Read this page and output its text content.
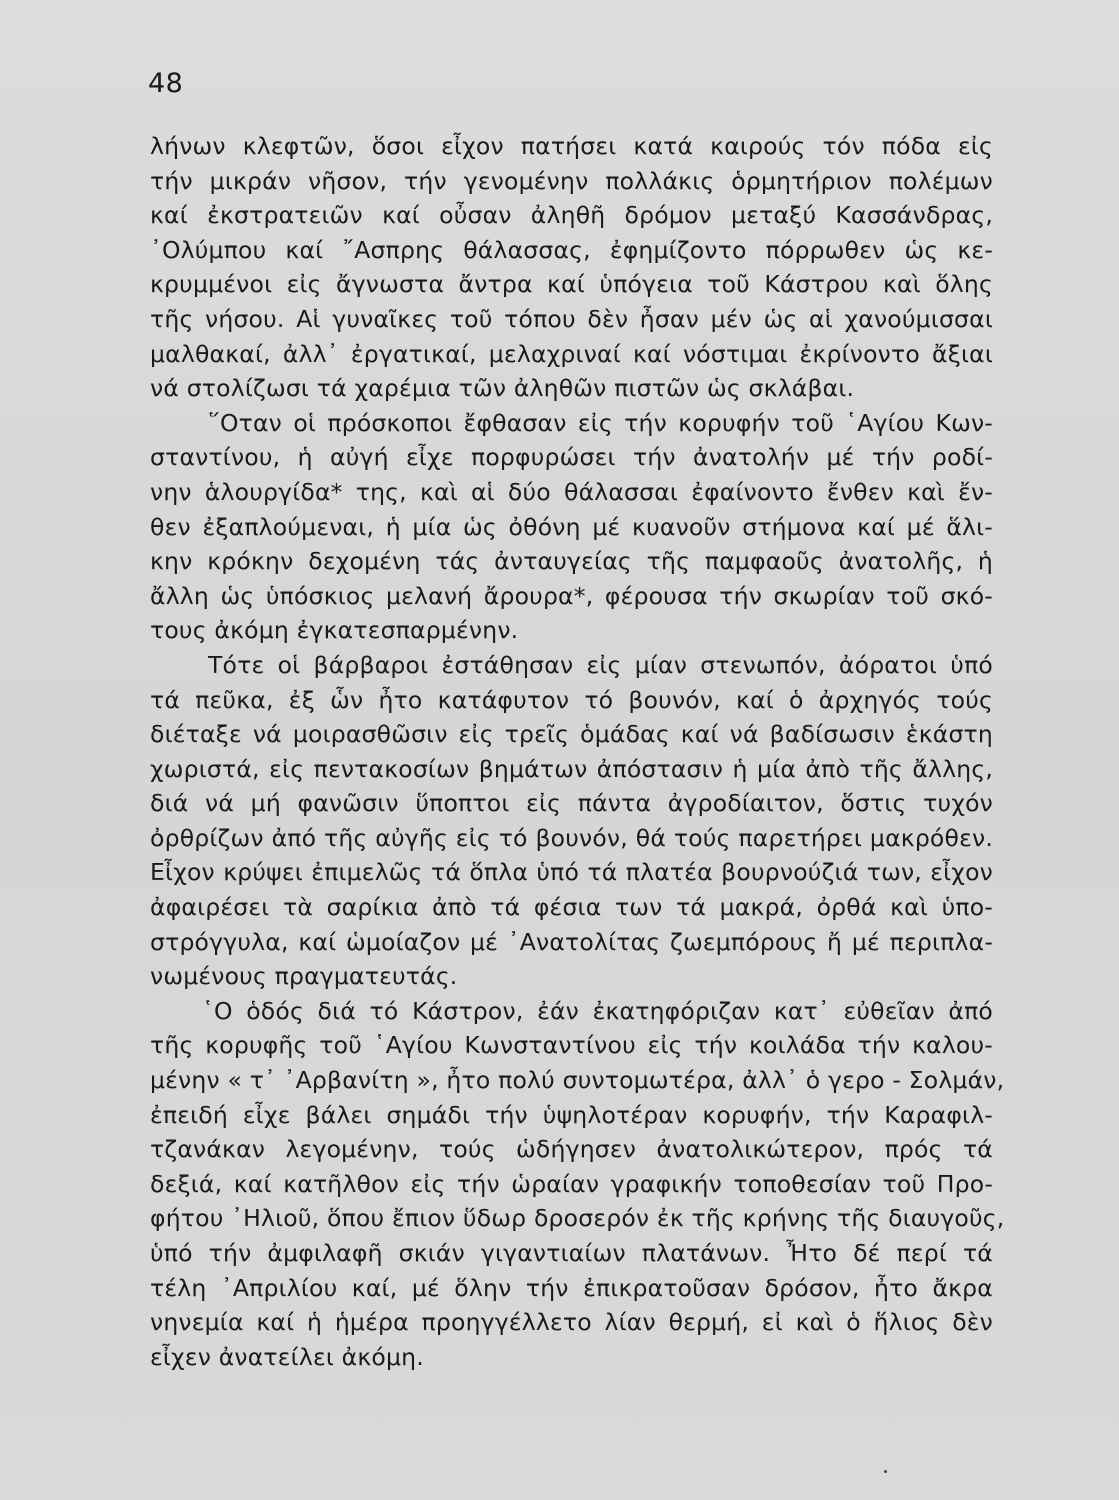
48
λήνων κλεφτῶν, ὅσοι εἶχον πατήσει κατά καιρούς τόν πόδα εἰς
τήν μικράν νῆσον, τήν γενομένην πολλάκις ὁρμητήριον πολέμων
καί ἐκστρατειῶν καί οὖσαν ἀληθῆ δρόμον μεταξύ Κασσάνδρας,
᾿Ολύμπου καί ῎Ασπρης θάλασσας, ἐφημίζοντο πόρρωθεν ὡς κε-
κρυμμένοι εἰς ἄγνωστα ἄντρα καί ὑπόγεια τοῦ Κάστρου καὶ ὅλης
τῆς νήσου. Αἱ γυναῖκες τοῦ τόπου δὲν ἦσαν μέν ὡς αἱ χανούμισσαι
μαλθακαί, ἀλλ᾿ ἐργατικαί, μελαχριναί καί νόστιμαι ἐκρίνοντο ἄξιαι
νά στολίζωσι τά χαρέμια τῶν ἀληθῶν πιστῶν ὡς σκλάβαι.
῞Οταν οἱ πρόσκοποι ἔφθασαν εἰς τήν κορυφήν τοῦ ῾Αγίου Κων-
σταντίνου, ἡ αὐγή εἶχε πορφυρώσει τήν ἀνατολήν μέ τήν ροδί-
νην ἁλουργίδα* της, καὶ αἱ δύο θάλασσαι ἐφαίνοντο ἔνθεν καὶ ἔν-
θεν ἐξαπλούμεναι, ἡ μία ὡς ὀθόνη μέ κυανοῦν στήμονα καί μέ ἅλι-
κην κρόκην δεχομένη τάς ἀνταυγείας τῆς παμφαοῦς ἀνατολῆς, ἡ
ἄλλη ὡς ὑπόσκιος μελανή ἄρουρα*, φέρουσα τήν σκωρίαν τοῦ σκό-
τους ἀκόμη ἐγκατεσπαρμένην.
Τότε οἱ βάρβαροι ἐστάθησαν εἰς μίαν στενωπόν, ἀόρατοι ὑπό
τά πεῦκα, ἐξ ὧν ἦτο κατάφυτον τό βουνόν, καί ὁ ἀρχηγός τούς
διέταξε νά μοιρασθῶσιν εἰς τρεῖς ὁμάδας καί νά βαδίσωσιν ἑκάστη
χωριστά, εἰς πεντακοσίων βημάτων ἀπόστασιν ἡ μία ἀπὸ τῆς ἄλλης,
διά νά μή φανῶσιν ὕποπτοι εἰς πάντα ἀγροδίαιτον, ὅστις τυχόν
ὀρθρίζων ἀπό τῆς αὐγῆς εἰς τό βουνόν, θά τούς παρετήρει μακρόθεν.
Εἶχον κρύψει ἐπιμελῶς τά ὅπλα ὑπό τά πλατέα βουρνούζιά των, εἶχον
ἀφαιρέσει τὰ σαρίκια ἀπὸ τά φέσια των τά μακρά, ὀρθά καὶ ὑπο-
στρόγγυλα, καί ὡμοίαζον μέ ᾿Ανατολίτας ζωεμπόρους ἤ μέ περιπλα-
νωμένους πραγματευτάς.
῾Ο ὁδός διά τό Κάστρον, ἐάν ἐκατηφόριζαν κατ᾿ εὐθεῖαν ἀπό
τῆς κορυφῆς τοῦ ῾Αγίου Κωνσταντίνου εἰς τήν κοιλάδα τήν καλου-
μένην « τ᾿ ᾿Αρβανίτη », ἦτο πολύ συντομωτέρα, ἀλλ᾿ ὁ γερο - Σολμάν,
ἐπειδή εἶχε βάλει σημάδι τήν ὑψηλοτέραν κορυφήν, τήν Καραφιλ-
τζανάκαν λεγομένην, τούς ὡδήγησεν ἀνατολικώτερον, πρός τά
δεξιά, καί κατῆλθον εἰς τήν ὡραίαν γραφικήν τοποθεσίαν τοῦ Προ-
φήτου ᾿Ηλιοῦ, ὅπου ἔπιον ὕδωρ δροσερόν ἐκ τῆς κρήνης τῆς διαυγοῦς,
ὑπό τήν ἀμφιλαφῆ σκιάν γιγαντιαίων πλατάνων. Ἦτο δέ περί τά
τέλη ᾿Απριλίου καί, μέ ὅλην τήν ἐπικρατοῦσαν δρόσον, ἦτο ἄκρα
νηνεμία καί ἡ ἡμέρα προηγγέλλετο λίαν θερμή, εἰ καὶ ὁ ἥλιος δὲν
εἶχεν ἀνατείλει ἀκόμη.
